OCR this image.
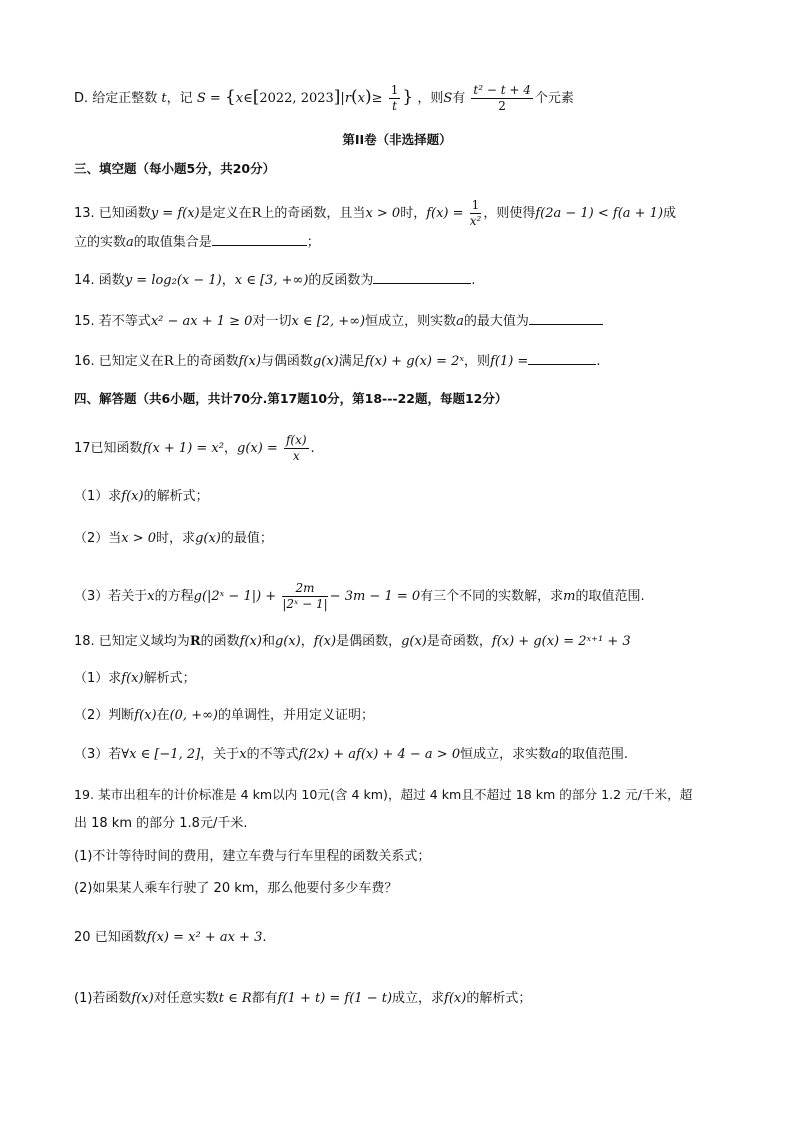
D. 给定正整数 t，记 S = {x∈[2022, $2023]|r(x)\ge \frac{1}{t}$ } ，则S有 $\frac{\text{t² − t + 4}}{2}$ 个元素
第II卷（非选择题）
三、填空题（每小题5分，共20分）
13. 已知函数y = f(x)是定义在R上的奇函数，且当x > 0时，$f(x) = \frac{1}{\text{x²}}$ ，则使得f(2a − 1) < f(a + 1)成
立的实数a的取值集合是	；
14. 函数y = log₂(x − 1)，x ∈ [3, +∞)的反函数为	.
15. 若不等式x² − ax + 1 ≥ 0对一切x ∈ [2, +∞)恒成立，则实数a的最大值为
16. 已知定义在R上的奇函数f(x)与偶函数g(x)满足f(x) + g(x) = 2ˣ，则f(1) =	.
四、解答题（共6小题，共计70分.第17题10分，第18---22题，每题12分）
17已知函数f(x + 1) = x²，$g(x) = \frac{f(x)}{x}$ .
（1）求f(x)的解析式；
（2）当x > 0时，求g(x)的最值；
（3）若关于x的方程g(|2ˣ − $1|) + \frac{2m}{\text{|2ˣ − 1|}} - 3m - 1 = 0$有三个不同的实数解，求m的取值范围.
18. 已知定义域均为R的函数f(x)和g(x)，f(x)是偶函数，g(x)是奇函数，f(x) + g(x) = 2ˣ⁺¹ + 3
（1）求f(x)解析式；
（2）判断f(x)在(0, +∞)的单调性，并用定义证明；
（3）若∀x ∈ [−1, 2]，关于x的不等式f(2x) + af(x) + 4 − a > 0恒成立，求实数a的取值范围.
19. 某市出租车的计价标准是 4 km以内 10元(含 4 km)，超过 4 km且不超过 18 km 的部分 1.2 元/千米，超
出 18 km 的部分 1.8元/千米.
(1)不计等待时间的费用，建立车费与行车里程的函数关系式；
(2)如果某人乘车行驶了 20 km，那么他要付多少车费？
20 已知函数f(x) = x² + ax + 3.
(1)若函数f(x)对任意实数t ∈ R都有f(1 + t) = f(1 − t)成立，求f(x)的解析式；
